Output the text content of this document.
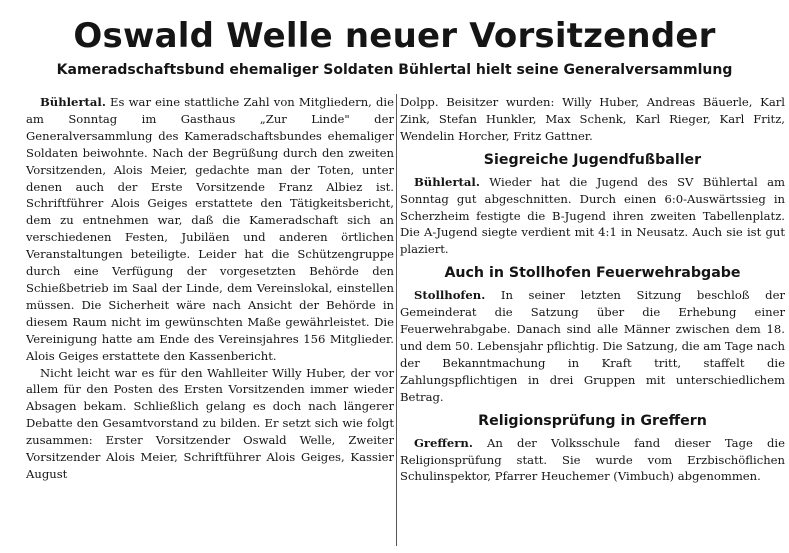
Oswald Welle neuer Vorsitzender
Kameradschaftsbund ehemaliger Soldaten Bühlertal hielt seine Generalversammlung

Bühlertal. Es war eine stattliche Zahl von Mitgliedern, die am Sonntag im Gasthaus „Zur Linde" der Generalversammlung des Kameradschaftsbundes ehemaliger Soldaten beiwohnte. Nach der Begrüßung durch den zweiten Vorsitzenden, Alois Meier, gedachte man der Toten, unter denen auch der Erste Vorsitzende Franz Albiez ist. Schriftführer Alois Geiges erstattete den Tätigkeitsbericht, dem zu entnehmen war, daß die Kameradschaft sich an verschiedenen Festen, Jubiläen und anderen örtlichen Veranstaltungen beteiligte. Leider hat die Schützengruppe durch eine Verfügung der vorgesetzten Behörde den Schießbetrieb im Saal der Linde, dem Vereinslokal, einstellen müssen. Die Sicherheit wäre nach Ansicht der Behörde in diesem Raum nicht im gewünschten Maße gewährleistet. Die Vereinigung hatte am Ende des Vereinsjahres 156 Mitglieder. Alois Geiges erstattete den Kassenbericht.

Nicht leicht war es für den Wahlleiter Willy Huber, der vor allem für den Posten des Ersten Vorsitzenden immer wieder Absagen bekam. Schließlich gelang es doch nach längerer Debatte den Gesamtvorstand zu bilden. Er setzt sich wie folgt zusammen: Erster Vorsitzender Oswald Welle, Zweiter Vorsitzender Alois Meier, Schriftführer Alois Geiges, Kassier August

Dolpp. Beisitzer wurden: Willy Huber, Andreas Bäuerle, Karl Zink, Stefan Hunkler, Max Schenk, Karl Rieger, Karl Fritz, Wendelin Horcher, Fritz Gattner.

Siegreiche Jugendfußballer

Bühlertal. Wieder hat die Jugend des SV Bühlertal am Sonntag gut abgeschnitten. Durch einen 6:0-Auswärtssieg in Scherzheim festigte die B-Jugend ihren zweiten Tabellenplatz. Die A-Jugend siegte verdient mit 4:1 in Neusatz. Auch sie ist gut plaziert.

Auch in Stollhofen Feuerwehrabgabe

Stollhofen. In seiner letzten Sitzung beschloß der Gemeinderat die Satzung über die Erhebung einer Feuerwehrabgabe. Danach sind alle Männer zwischen dem 18. und dem 50. Lebensjahr pflichtig. Die Satzung, die am Tage nach der Bekanntmachung in Kraft tritt, staffelt die Zahlungspflichtigen in drei Gruppen mit unterschiedlichem Betrag.

Religionsprüfung in Greffern

Greffern. An der Volksschule fand dieser Tage die Religionsprüfung statt. Sie wurde vom Erzbischöflichen Schulinspektor, Pfarrer Heuchemer (Vimbuch) abgenommen.
